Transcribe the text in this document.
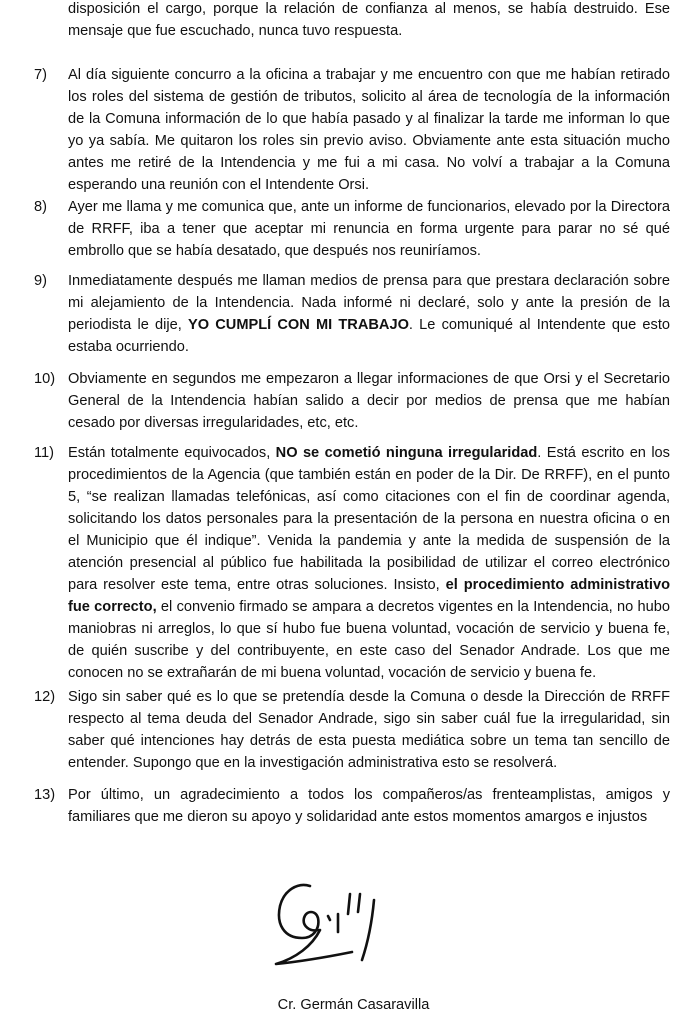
disposición el cargo, porque la relación de confianza al menos, se había destruido. Ese mensaje que fue escuchado, nunca tuvo respuesta.
7)	Al día siguiente concurro a la oficina a trabajar y me encuentro con que me habían retirado los roles del sistema de gestión de tributos, solicito al área de tecnología de la información de la Comuna información de lo que había pasado y al finalizar la tarde me informan lo que yo ya sabía. Me quitaron los roles sin previo aviso. Obviamente ante esta situación mucho antes me retiré de la Intendencia y me fui a mi casa. No volví a trabajar a la Comuna esperando una reunión con el Intendente Orsi.
8)	Ayer me llama y me comunica que, ante un informe de funcionarios, elevado por la Directora de RRFF, iba a tener que aceptar mi renuncia en forma urgente para parar no sé qué embrollo que se había desatado, que después nos reuniríamos.
9)	Inmediatamente después me llaman medios de prensa para que prestara declaración sobre mi alejamiento de la Intendencia. Nada informé ni declaré, solo y ante la presión de la periodista le dije, YO CUMPLÍ CON MI TRABAJO. Le comuniqué al Intendente que esto estaba ocurriendo.
10) Obviamente en segundos me empezaron a llegar informaciones de que Orsi y el Secretario General de la Intendencia habían salido a decir por medios de prensa que me habían cesado por diversas irregularidades, etc, etc.
11) Están totalmente equivocados, NO se cometió ninguna irregularidad. Está escrito en los procedimientos de la Agencia (que también están en poder de la Dir. De RRFF), en el punto 5, “se realizan llamadas telefónicas, así como citaciones con el fin de coordinar agenda, solicitando los datos personales para la presentación de la persona en nuestra oficina o en el Municipio que él indique”. Venida la pandemia y ante la medida de suspensión de la atención presencial al público fue habilitada la posibilidad de utilizar el correo electrónico para resolver este tema, entre otras soluciones. Insisto, el procedimiento administrativo fue correcto, el convenio firmado se ampara a decretos vigentes en la Intendencia, no hubo maniobras ni arreglos, lo que sí hubo fue buena voluntad, vocación de servicio y buena fe, de quién suscribe y del contribuyente, en este caso del Senador Andrade. Los que me conocen no se extrañarán de mi buena voluntad, vocación de servicio y buena fe.
12) Sigo sin saber qué es lo que se pretendía desde la Comuna o desde la Dirección de RRFF respecto al tema deuda del Senador Andrade, sigo sin saber cuál fue la irregularidad, sin saber qué intenciones hay detrás de esta puesta mediática sobre un tema tan sencillo de entender. Supongo que en la investigación administrativa esto se resolverá.
13) Por último, un agradecimiento a todos los compañeros/as frenteamplistas, amigos y familiares que me dieron su apoyo y solidaridad ante estos momentos amargos e injustos
Cr. Germán Casaravilla
